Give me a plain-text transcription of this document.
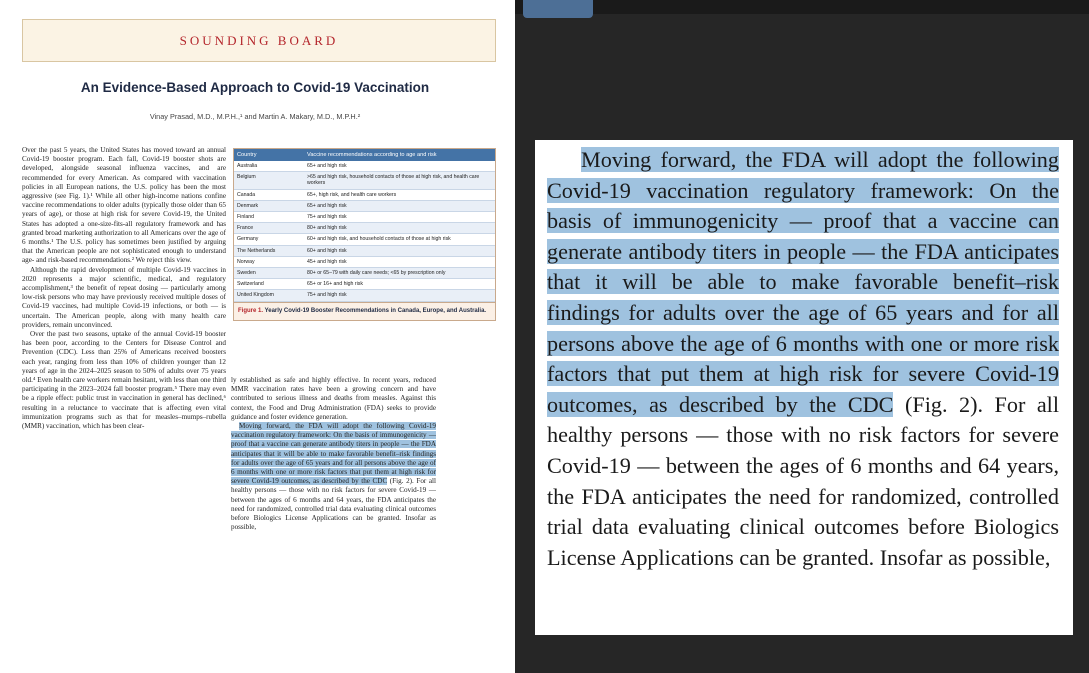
SOUNDING BOARD
An Evidence-Based Approach to Covid-19 Vaccination
Vinay Prasad, M.D., M.P.H.,¹ and Martin A. Makary, M.D., M.P.H.²

Over the past 5 years, the United States has moved toward an annual Covid-19 booster program. Each fall, Covid-19 booster shots are developed, alongside seasonal influenza vaccines, and are recommended for every American. As compared with vaccination policies in all European nations, the U.S. policy has been the most aggressive (see Fig. 1).¹ While all other high-income nations confine vaccine recommendations to older adults (typically those older than 65 years of age), or those at high risk for severe Covid-19, the United States has adopted a one-size-fits-all regulatory framework and has granted broad marketing authorization to all Americans over the age of 6 months.¹ The U.S. policy has sometimes been justified by arguing that the American people are not sophisticated enough to understand age- and risk-based recommendations.² We reject this view.

Although the rapid development of multiple Covid-19 vaccines in 2020 represents a major scientific, medical, and regulatory accomplishment,³ the benefit of repeat dosing — particularly among low-risk persons who may have previously received multiple doses of Covid-19 vaccines, had multiple Covid-19 infections, or both — is uncertain. The American people, along with many health care providers, remain unconvinced.

Over the past two seasons, uptake of the annual Covid-19 booster has been poor, according to the Centers for Disease Control and Prevention (CDC). Less than 25% of Americans received boosters each year, ranging from less than 10% of children younger than 12 years of age in the 2024–2025 season to 50% of adults over 75 years old.⁴ Even health care workers remain hesitant, with less than one third participating in the 2023–2024 fall booster program.⁵ There may even be a ripple effect: public trust in vaccination in general has declined,⁶ resulting in a reluctance to vaccinate that is affecting even vital immunization programs such as that for measles–mumps–rubella (MMR) vaccination, which has been clear-

Country	Vaccine recommendations according to age and risk
Australia	65+ and high risk
Belgium	>65 and high risk, household contacts of those at high risk, and health care workers
Canada	65+, high risk, and health care workers
Denmark	65+ and high risk
Finland	75+ and high risk
France	80+ and high risk
Germany	60+ and high risk, and household contacts of those at high risk
The Netherlands	60+ and high risk
Norway	45+ and high risk
Sweden	80+ or 65–79 with daily care needs; <65 by prescription only
Switzerland	65+ or 16+ and high risk
United Kingdom	75+ and high risk
Figure 1. Yearly Covid-19 Booster Recommendations in Canada, Europe, and Australia.

ly established as safe and highly effective. In recent years, reduced MMR vaccination rates have been a growing concern and have contributed to serious illness and deaths from measles. Against this context, the Food and Drug Administration (FDA) seeks to provide guidance and foster evidence generation.

Moving forward, the FDA will adopt the following Covid-19 vaccination regulatory framework: On the basis of immunogenicity — proof that a vaccine can generate antibody titers in people — the FDA anticipates that it will be able to make favorable benefit–risk findings for adults over the age of 65 years and for all persons above the age of 6 months with one or more risk factors that put them at high risk for severe Covid-19 outcomes, as described by the CDC (Fig. 2). For all healthy persons — those with no risk factors for severe Covid-19 — between the ages of 6 months and 64 years, the FDA anticipates the need for randomized, controlled trial data evaluating clinical outcomes before Biologics License Applications can be granted. Insofar as possible,

Moving forward, the FDA will adopt the following Covid-19 vaccination regulatory framework: On the basis of immunogenicity — proof that a vaccine can generate antibody titers in people — the FDA anticipates that it will be able to make favorable benefit–risk findings for adults over the age of 65 years and for all persons above the age of 6 months with one or more risk factors that put them at high risk for severe Covid-19 outcomes, as described by the CDC (Fig. 2). For all healthy persons — those with no risk factors for severe Covid-19 — between the ages of 6 months and 64 years, the FDA anticipates the need for randomized, controlled trial data evaluating clinical outcomes before Biologics License Applications can be granted. Insofar as possible,
